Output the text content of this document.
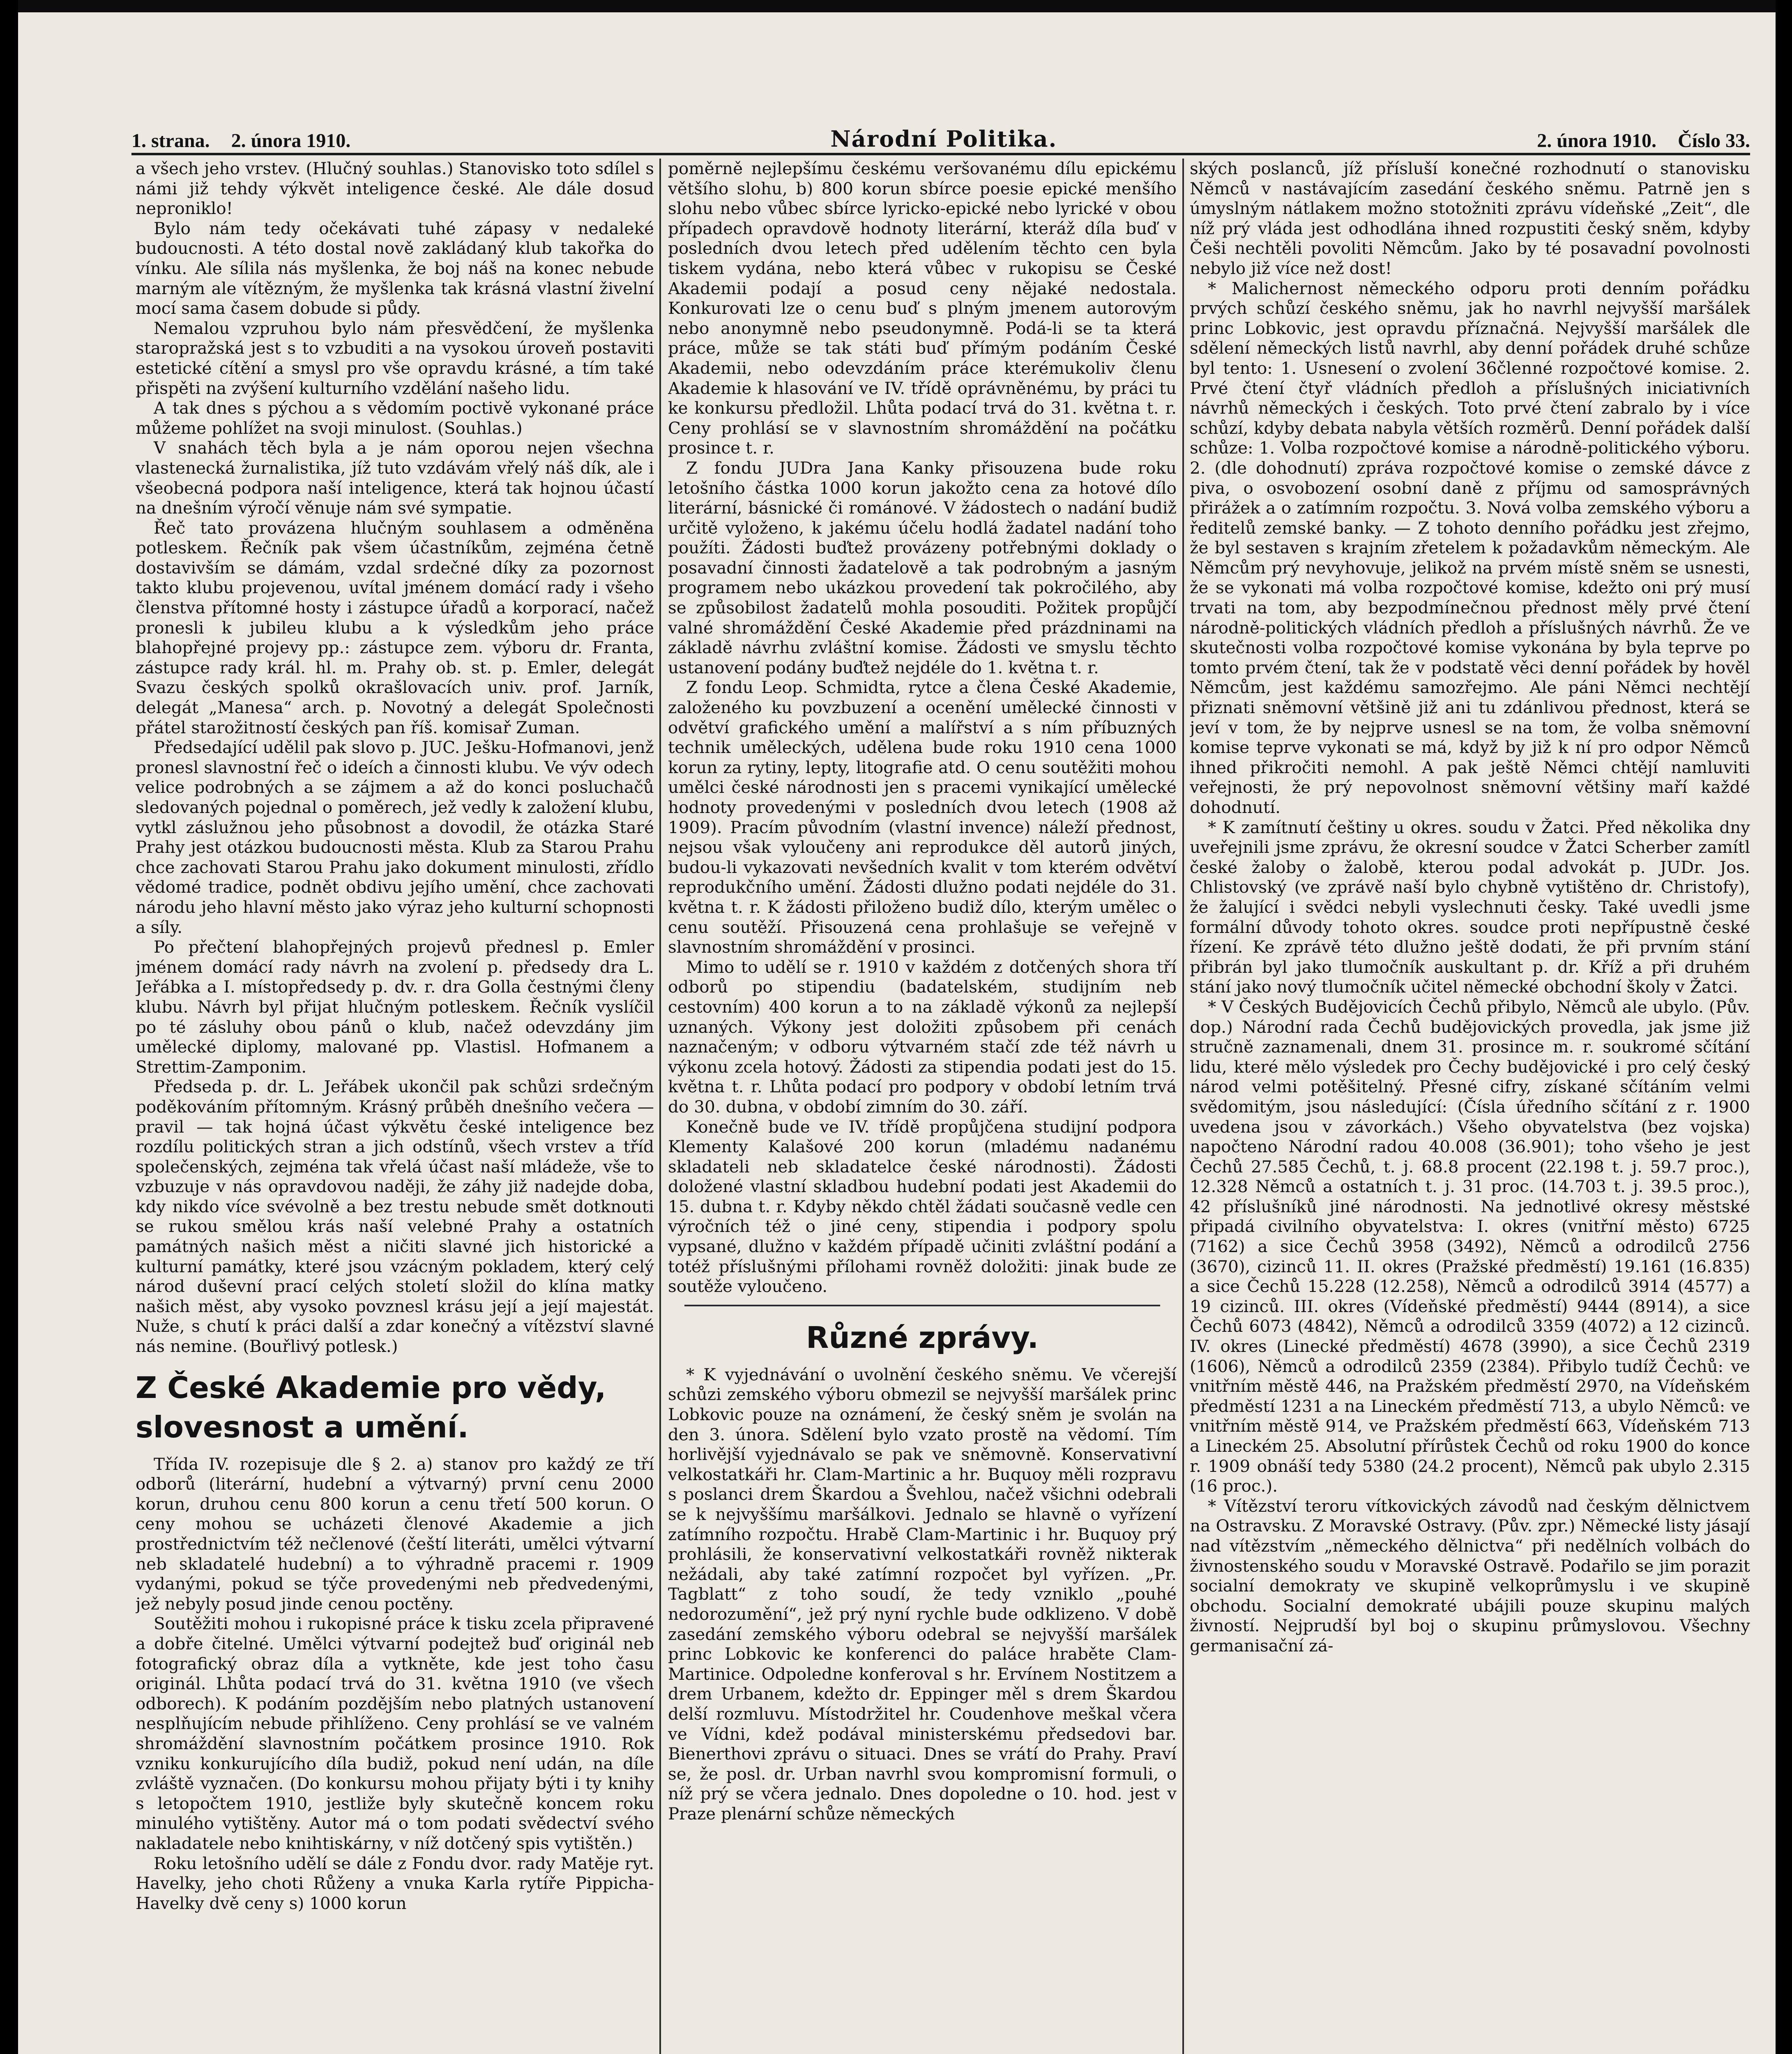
1. strana. 2. února 1910.	Národní Politika.	2. února 1910. Číslo 33.

a všech jeho vrstev. (Hlučný souhlas.) Stanovisko toto sdílel s námi již tehdy výkvět inteligence české. Ale dále dosud neproniklo!

Bylo nám tedy očekávati tuhé zápasy v nedaleké budoucnosti. A této dostal nově zakládaný klub takořka do vínku. Ale sílila nás myšlenka, že boj náš na konec nebude marným ale vítězným, že myšlenka tak krásná vlastní živelní mocí sama časem dobude si půdy.

Nemalou vzpruhou bylo nám přesvědčení, že myšlenka staropražská jest s to vzbuditi a na vysokou úroveň postaviti estetické cítění a smysl pro vše opravdu krásné, a tím také přispěti na zvýšení kulturního vzdělání našeho lidu.

A tak dnes s pýchou a s vědomím poctivě vykonané práce můžeme pohlížet na svoji minulost. (Souhlas.)

V snahách těch byla a je nám oporou nejen všechna vlastenecká žurnalistika, jíž tuto vzdávám vřelý náš dík, ale i všeobecná podpora naší inteligence, která tak hojnou účastí na dnešním výročí věnuje nám své sympatie.

Řeč tato provázena hlučným souhlasem a odměněna potleskem. Řečník pak všem účastníkům, zejména četně dostavivším se dámám, vzdal srdečné díky za pozornost takto klubu projevenou, uvítal jménem domácí rady i všeho členstva přítomné hosty i zástupce úřadů a korporací, načež pronesli k jubileu klubu a k výsledkům jeho práce blahopřejné projevy pp.: zástupce zem. výboru dr. Franta, zástupce rady král. hl. m. Prahy ob. st. p. Emler, delegát Svazu českých spolků okrašlovacích univ. prof. Jarník, delegát „Manesa“ arch. p. Novotný a delegát Společnosti přátel starožitností českých pan říš. komisař Zuman.

Předsedající udělil pak slovo p. JUC. Ješku-Hofmanovi, jenž pronesl slavnostní řeč o ideích a činnosti klubu. Ve výv odech velice podrobných a se zájmem a až do konci posluchačů sledovaných pojednal o poměrech, jež vedly k založení klubu, vytkl záslužnou jeho působnost a dovodil, že otázka Staré Prahy jest otázkou budoucnosti města. Klub za Starou Prahu chce zachovati Starou Prahu jako dokument minulosti, zřídlo vědomé tradice, podnět obdivu jejího umění, chce zachovati národu jeho hlavní město jako výraz jeho kulturní schopnosti a síly.

Po přečtení blahopřejných projevů přednesl p. Emler jménem domácí rady návrh na zvolení p. předsedy dra L. Jeřábka a I. místopředsedy p. dv. r. dra Golla čestnými členy klubu. Návrh byl přijat hlučným potleskem. Řečník vyslíčil po té zásluhy obou pánů o klub, načež odevzdány jim umělecké diplomy, malované pp. Vlastisl. Hofmanem a Strettim-Zamponim.

Předseda p. dr. L. Jeřábek ukončil pak schůzi srdečným poděkováním přítomným. Krásný průběh dnešního večera — pravil — tak hojná účast výkvětu české inteligence bez rozdílu politických stran a jich odstínů, všech vrstev a tříd společenských, zejména tak vřelá účast naší mládeže, vše to vzbuzuje v nás opravdovou naději, že záhy již nadejde doba, kdy nikdo více svévolně a bez trestu nebude smět dotknouti se rukou smělou krás naší velebné Prahy a ostatních památných našich měst a ničiti slavné jich historické a kulturní památky, které jsou vzácným pokladem, který celý národ duševní prací celých století složil do klína matky našich měst, aby vysoko povznesl krásu její a její majestát. Nuže, s chutí k práci další a zdar konečný a vítězství slavné nás nemine. (Bouřlivý potlesk.)

Z České Akademie pro vědy, slovesnost a umění.

Třída IV. rozepisuje dle § 2. a) stanov pro každý ze tří odborů (literární, hudební a výtvarný) první cenu 2000 korun, druhou cenu 800 korun a cenu třetí 500 korun. O ceny mohou se ucházeti členové Akademie a jich prostřednictvím též nečlenové (čeští literáti, umělci výtvarní neb skladatelé hudební) a to výhradně pracemi r. 1909 vydanými, pokud se týče provedenými neb předvedenými, jež nebyly posud jinde cenou poctěny.

Soutěžiti mohou i rukopisné práce k tisku zcela připravené a dobře čitelné. Umělci výtvarní podejtež buď originál neb fotografický obraz díla a vytkněte, kde jest toho času originál. Lhůta podací trvá do 31. května 1910 (ve všech odborech). K podáním pozdějším nebo platných ustanovení nesplňujícím nebude přihlíženo. Ceny prohlásí se ve valném shromáždění slavnostním počátkem prosince 1910. Rok vzniku konkurujícího díla budiž, pokud není udán, na díle zvláště vyznačen. (Do konkursu mohou přijaty býti i ty knihy s letopočtem 1910, jestliže byly skutečně koncem roku minulého vytištěny. Autor má o tom podati svědectví svého nakladatele nebo knihtiskárny, v níž dotčený spis vytištěn.)

Roku letošního udělí se dále z Fondu dvor. rady Matěje ryt. Havelky, jeho choti Růženy a vnuka Karla rytíře Pippicha-Havelky dvě ceny s) 1000 korun

poměrně nejlepšímu českému veršovanému dílu epickému většího slohu, b) 800 korun sbírce poesie epické menšího slohu nebo vůbec sbírce lyricko-epické nebo lyrické v obou případech opravdově hodnoty literární, kteráž díla buď v posledních dvou letech před udělením těchto cen byla tiskem vydána, nebo která vůbec v rukopisu se České Akademii podají a posud ceny nějaké nedostala. Konkurovati lze o cenu buď s plným jmenem autorovým nebo anonymně nebo pseudonymně. Podá-li se ta která práce, může se tak státi buď přímým podáním České Akademii, nebo odevzdáním práce kterémukoliv členu Akademie k hlasování ve IV. třídě oprávněnému, by práci tu ke konkursu předložil. Lhůta podací trvá do 31. května t. r. Ceny prohlásí se v slavnostním shromáždění na počátku prosince t. r.

Z fondu JUDra Jana Kanky přisouzena bude roku letošního částka 1000 korun jakožto cena za hotové dílo literární, básnické či románové. V žádostech o nadání budiž určitě vyloženo, k jakému účelu hodlá žadatel nadání toho použíti. Žádosti buďtež provázeny potřebnými doklady o posavadní činnosti žadatelově a tak podrobným a jasným programem nebo ukázkou provedení tak pokročilého, aby se způsobilost žadatelů mohla posouditi. Požitek propůjčí valné shromáždění České Akademie před prázdninami na základě návrhu zvláštní komise. Žádosti ve smyslu těchto ustanovení podány buďtež nejdéle do 1. května t. r.

Z fondu Leop. Schmidta, rytce a člena České Akademie, založeného ku povzbuzení a ocenění umělecké činnosti v odvětví grafického umění a malířství a s ním příbuzných technik uměleckých, udělena bude roku 1910 cena 1000 korun za rytiny, lepty, litografie atd. O cenu soutěžiti mohou umělci české národnosti jen s pracemi vynikající umělecké hodnoty provedenými v posledních dvou letech (1908 až 1909). Pracím původním (vlastní invence) náleží přednost, nejsou však vyloučeny ani reprodukce děl autorů jiných, budou-li vykazovati nevšedních kvalit v tom kterém odvětví reprodukčního umění. Žádosti dlužno podati nejdéle do 31. května t. r. K žádosti přiloženo budiž dílo, kterým umělec o cenu soutěží. Přisouzená cena prohlašuje se veřejně v slavnostním shromáždění v prosinci.

Mimo to udělí se r. 1910 v každém z dotčených shora tří odborů po stipendiu (badatelském, studijním neb cestovním) 400 korun a to na základě výkonů za nejlepší uznaných. Výkony jest doložiti způsobem při cenách naznačeným; v odboru výtvarném stačí zde též návrh u výkonu zcela hotový. Žádosti za stipendia podati jest do 15. května t. r. Lhůta podací pro podpory v období letním trvá do 30. dubna, v období zimním do 30. září.

Konečně bude ve IV. třídě propůjčena studijní podpora Klementy Kalašové 200 korun (mladému nadanému skladateli neb skladatelce české národnosti). Žádosti doložené vlastní skladbou hudební podati jest Akademii do 15. dubna t. r. Kdyby někdo chtěl žádati současně vedle cen výročních též o jiné ceny, stipendia i podpory spolu vypsané, dlužno v každém případě učiniti zvláštní podání a totéž příslušnými přílohami rovněž doložiti: jinak bude ze soutěže vyloučeno.

Různé zprávy.

* K vyjednávání o uvolnění českého sněmu. Ve včerejší schůzi zemského výboru obmezil se nejvyšší maršálek princ Lobkovic pouze na oznámení, že český sněm je svolán na den 3. února. Sdělení bylo vzato prostě na vědomí. Tím horlivější vyjednávalo se pak ve sněmovně. Konservativní velkostatkáři hr. Clam-Martinic a hr. Buquoy měli rozpravu s poslanci drem Škardou a Švehlou, načež všichni odebrali se k nejvyššímu maršálkovi. Jednalo se hlavně o vyřízení zatímního rozpočtu. Hrabě Clam-Martinic i hr. Buquoy prý prohlásili, že konservativní velkostatkáři rovněž nikterak nežádali, aby také zatímní rozpočet byl vyřízen. „Pr. Tagblatt“ z toho soudí, že tedy vzniklo „pouhé nedorozumění“, jež prý nyní rychle bude odklizeno. V době zasedání zemského výboru odebral se nejvyšší maršálek princ Lobkovic ke konferenci do paláce hraběte Clam-Martinice. Odpoledne konferoval s hr. Ervínem Nostitzem a drem Urbanem, kdežto dr. Eppinger měl s drem Škardou delší rozmluvu. Místodržitel hr. Coudenhove meškal včera ve Vídni, kdež podával ministerskému předsedovi bar. Bienerthovi zprávu o situaci. Dnes se vrátí do Prahy. Praví se, že posl. dr. Urban navrhl svou kompromisní formuli, o níž prý se včera jednalo. Dnes dopoledne o 10. hod. jest v Praze plenární schůze německých

ských poslanců, jíž přísluší konečné rozhodnutí o stanovisku Němců v nastávajícím zasedání českého sněmu. Patrně jen s úmyslným nátlakem možno stotožniti zprávu vídeňské „Zeit“, dle níž prý vláda jest odhodlána ihned rozpustiti český sněm, kdyby Češi nechtěli povoliti Němcům. Jako by té posavadní povolnosti nebylo již více než dost!

* Malichernost německého odporu proti denním pořádku prvých schůzí českého sněmu, jak ho navrhl nejvyšší maršálek princ Lobkovic, jest opravdu příznačná. Nejvyšší maršálek dle sdělení německých listů navrhl, aby denní pořádek druhé schůze byl tento: 1. Usnesení o zvolení 36členné rozpočtové komise. 2. Prvé čtení čtyř vládních předloh a příslušných iniciativních návrhů německých i českých. Toto prvé čtení zabralo by i více schůzí, kdyby debata nabyla větších rozměrů. Denní pořádek další schůze: 1. Volba rozpočtové komise a národně-politického výboru. 2. (dle dohodnutí) zpráva rozpočtové komise o zemské dávce z piva, o osvobození osobní daně z příjmu od samosprávných přirážek a o zatímním rozpočtu. 3. Nová volba zemského výboru a ředitelů zemské banky. — Z tohoto denního pořádku jest zřejmo, že byl sestaven s krajním zřetelem k požadavkům německým. Ale Němcům prý nevyhovuje, jelikož na prvém místě sněm se usnesti, že se vykonati má volba rozpočtové komise, kdežto oni prý musí trvati na tom, aby bezpodmínečnou přednost měly prvé čtení národně-politických vládních předloh a příslušných návrhů. Že ve skutečnosti volba rozpočtové komise vykonána by byla teprve po tomto prvém čtení, tak že v podstatě věci denní pořádek by hověl Němcům, jest každému samozřejmo. Ale páni Němci nechtějí přiznati sněmovní většině již ani tu zdánlivou přednost, která se jeví v tom, že by nejprve usnesl se na tom, že volba sněmovní komise teprve vykonati se má, když by již k ní pro odpor Němců ihned přikročiti nemohl. A pak ještě Němci chtějí namluviti veřejnosti, že prý nepovolnost sněmovní většiny maří každé dohodnutí.

* K zamítnutí češtiny u okres. soudu v Žatci. Před několika dny uveřejnili jsme zprávu, že okresní soudce v Žatci Scherber zamítl české žaloby o žalobě, kterou podal advokát p. JUDr. Jos. Chlistovský (ve zprávě naší bylo chybně vytištěno dr. Christofy), že žalující i svědci nebyli vyslechnuti česky. Také uvedli jsme formální důvody tohoto okres. soudce proti nepřípustně české řízení. Ke zprávě této dlužno ještě dodati, že při prvním stání přibrán byl jako tlumočník auskultant p. dr. Kříž a při druhém stání jako nový tlumočník učitel německé obchodní školy v Žatci.

* V Českých Budějovicích Čechů přibylo, Němců ale ubylo. (Pův. dop.) Národní rada Čechů budějovických provedla, jak jsme již stručně zaznamenali, dnem 31. prosince m. r. soukromé sčítání lidu, které mělo výsledek pro Čechy budějovické i pro celý český národ velmi potěšitelný. Přesné cifry, získané sčítáním velmi svědomitým, jsou následující: (Čísla úředního sčítání z r. 1900 uvedena jsou v závorkách.) Všeho obyvatelstva (bez vojska) napočteno Národní radou 40.008 (36.901); toho všeho je jest Čechů 27.585 Čechů, t. j. 68.8 procent (22.198 t. j. 59.7 proc.), 12.328 Němců a ostatních t. j. 31 proc. (14.703 t. j. 39.5 proc.), 42 příslušníků jiné národnosti. Na jednotlivé okresy městské připadá civilního obyvatelstva: I. okres (vnitřní město) 6725 (7162) a sice Čechů 3958 (3492), Němců a odrodilců 2756 (3670), cizinců 11. II. okres (Pražské předměstí) 19.161 (16.835) a sice Čechů 15.228 (12.258), Němců a odrodilců 3914 (4577) a 19 cizinců. III. okres (Vídeňské předměstí) 9444 (8914), a sice Čechů 6073 (4842), Němců a odrodilců 3359 (4072) a 12 cizinců. IV. okres (Linecké předměstí) 4678 (3990), a sice Čechů 2319 (1606), Němců a odrodilců 2359 (2384). Přibylo tudíž Čechů: ve vnitřním městě 446, na Pražském předměstí 2970, na Vídeňském předměstí 1231 a na Lineckém předměstí 713, a ubylo Němců: ve vnitřním městě 914, ve Pražském předměstí 663, Vídeňském 713 a Lineckém 25. Absolutní přírůstek Čechů od roku 1900 do konce r. 1909 obnáší tedy 5380 (24.2 procent), Němců pak ubylo 2.315 (16 proc.).

* Vítězství teroru vítkovických závodů nad českým dělnictvem na Ostravsku. Z Moravské Ostravy. (Pův. zpr.) Německé listy jásají nad vítězstvím „německého dělnictva“ při nedělních volbách do živnostenského soudu v Moravské Ostravě. Podařilo se jim porazit socialní demokraty ve skupině velkoprůmyslu i ve skupině obchodu. Socialní demokraté ubájili pouze skupinu malých živností. Nejprudší byl boj o skupinu průmyslovou. Všechny germanisační zá-
